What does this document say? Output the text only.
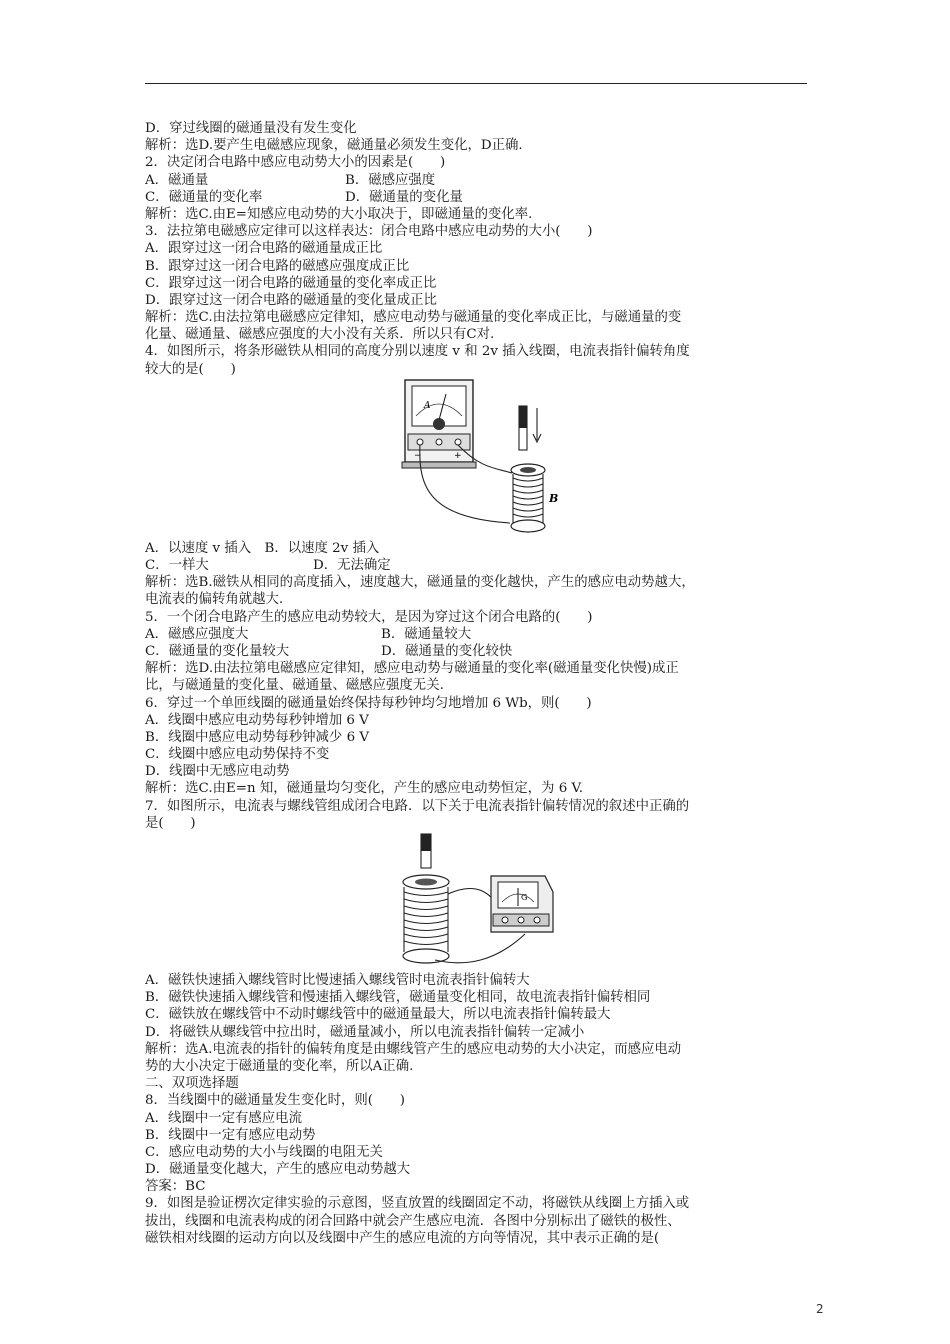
D．穿过线圈的磁通量没有发生变化
解析：选D.要产生电磁感应现象，磁通量必须发生变化，D正确.
2．决定闭合电路中感应电动势大小的因素是(　　)
A．磁通量	B．磁感应强度
C．磁通量的变化率	D．磁通量的变化量
解析：选C.由E=知感应电动势的大小取决于，即磁通量的变化率.
3．法拉第电磁感应定律可以这样表达：闭合电路中感应电动势的大小(　　)
A．跟穿过这一闭合电路的磁通量成正比
B．跟穿过这一闭合电路的磁感应强度成正比
C．跟穿过这一闭合电路的磁通量的变化率成正比
D．跟穿过这一闭合电路的磁通量的变化量成正比
解析：选C.由法拉第电磁感应定律知，感应电动势与磁通量的变化率成正比，与磁通量的变
化量、磁通量、磁感应强度的大小没有关系．所以只有C对.
4．如图所示，将条形磁铁从相同的高度分别以速度 v 和 2v 插入线圈，电流表指针偏转角度
较大的是(　　)
A
−	+
B
A．以速度 v 插入　B．以速度 2v 插入
C．一样大	D．无法确定
解析：选B.磁铁从相同的高度插入，速度越大，磁通量的变化越快，产生的感应电动势越大，
电流表的偏转角就越大.
5．一个闭合电路产生的感应电动势较大，是因为穿过这个闭合电路的(　　)
A．磁感应强度大	B．磁通量较大
C．磁通量的变化量较大	D．磁通量的变化较快
解析：选D.由法拉第电磁感应定律知，感应电动势与磁通量的变化率(磁通量变化快慢)成正
比，与磁通量的变化量、磁通量、磁感应强度无关.
6．穿过一个单匝线圈的磁通量始终保持每秒钟均匀地增加 6 Wb，则(　　)
A．线圈中感应电动势每秒钟增加 6 V
B．线圈中感应电动势每秒钟减少 6 V
C．线圈中感应电动势保持不变
D．线圈中无感应电动势
解析：选C.由E=n 知，磁通量均匀变化，产生的感应电动势恒定，为 6 V.
7．如图所示，电流表与螺线管组成闭合电路．以下关于电流表指针偏转情况的叙述中正确的
是(　　)
G
A．磁铁快速插入螺线管时比慢速插入螺线管时电流表指针偏转大
B．磁铁快速插入螺线管和慢速插入螺线管，磁通量变化相同，故电流表指针偏转相同
C．磁铁放在螺线管中不动时螺线管中的磁通量最大，所以电流表指针偏转最大
D．将磁铁从螺线管中拉出时，磁通量减小，所以电流表指针偏转一定减小
解析：选A.电流表的指针的偏转角度是由螺线管产生的感应电动势的大小决定，而感应电动
势的大小决定于磁通量的变化率，所以A正确.
二、双项选择题
8．当线圈中的磁通量发生变化时，则(　　)
A．线圈中一定有感应电流
B．线圈中一定有感应电动势
C．感应电动势的大小与线圈的电阻无关
D．磁通量变化越大，产生的感应电动势越大
答案：BC
9．如图是验证楞次定律实验的示意图，竖直放置的线圈固定不动，将磁铁从线圈上方插入或
拔出，线圈和电流表构成的闭合回路中就会产生感应电流．各图中分别标出了磁铁的极性、
磁铁相对线圈的运动方向以及线圈中产生的感应电流的方向等情况，其中表示正确的是(
2
